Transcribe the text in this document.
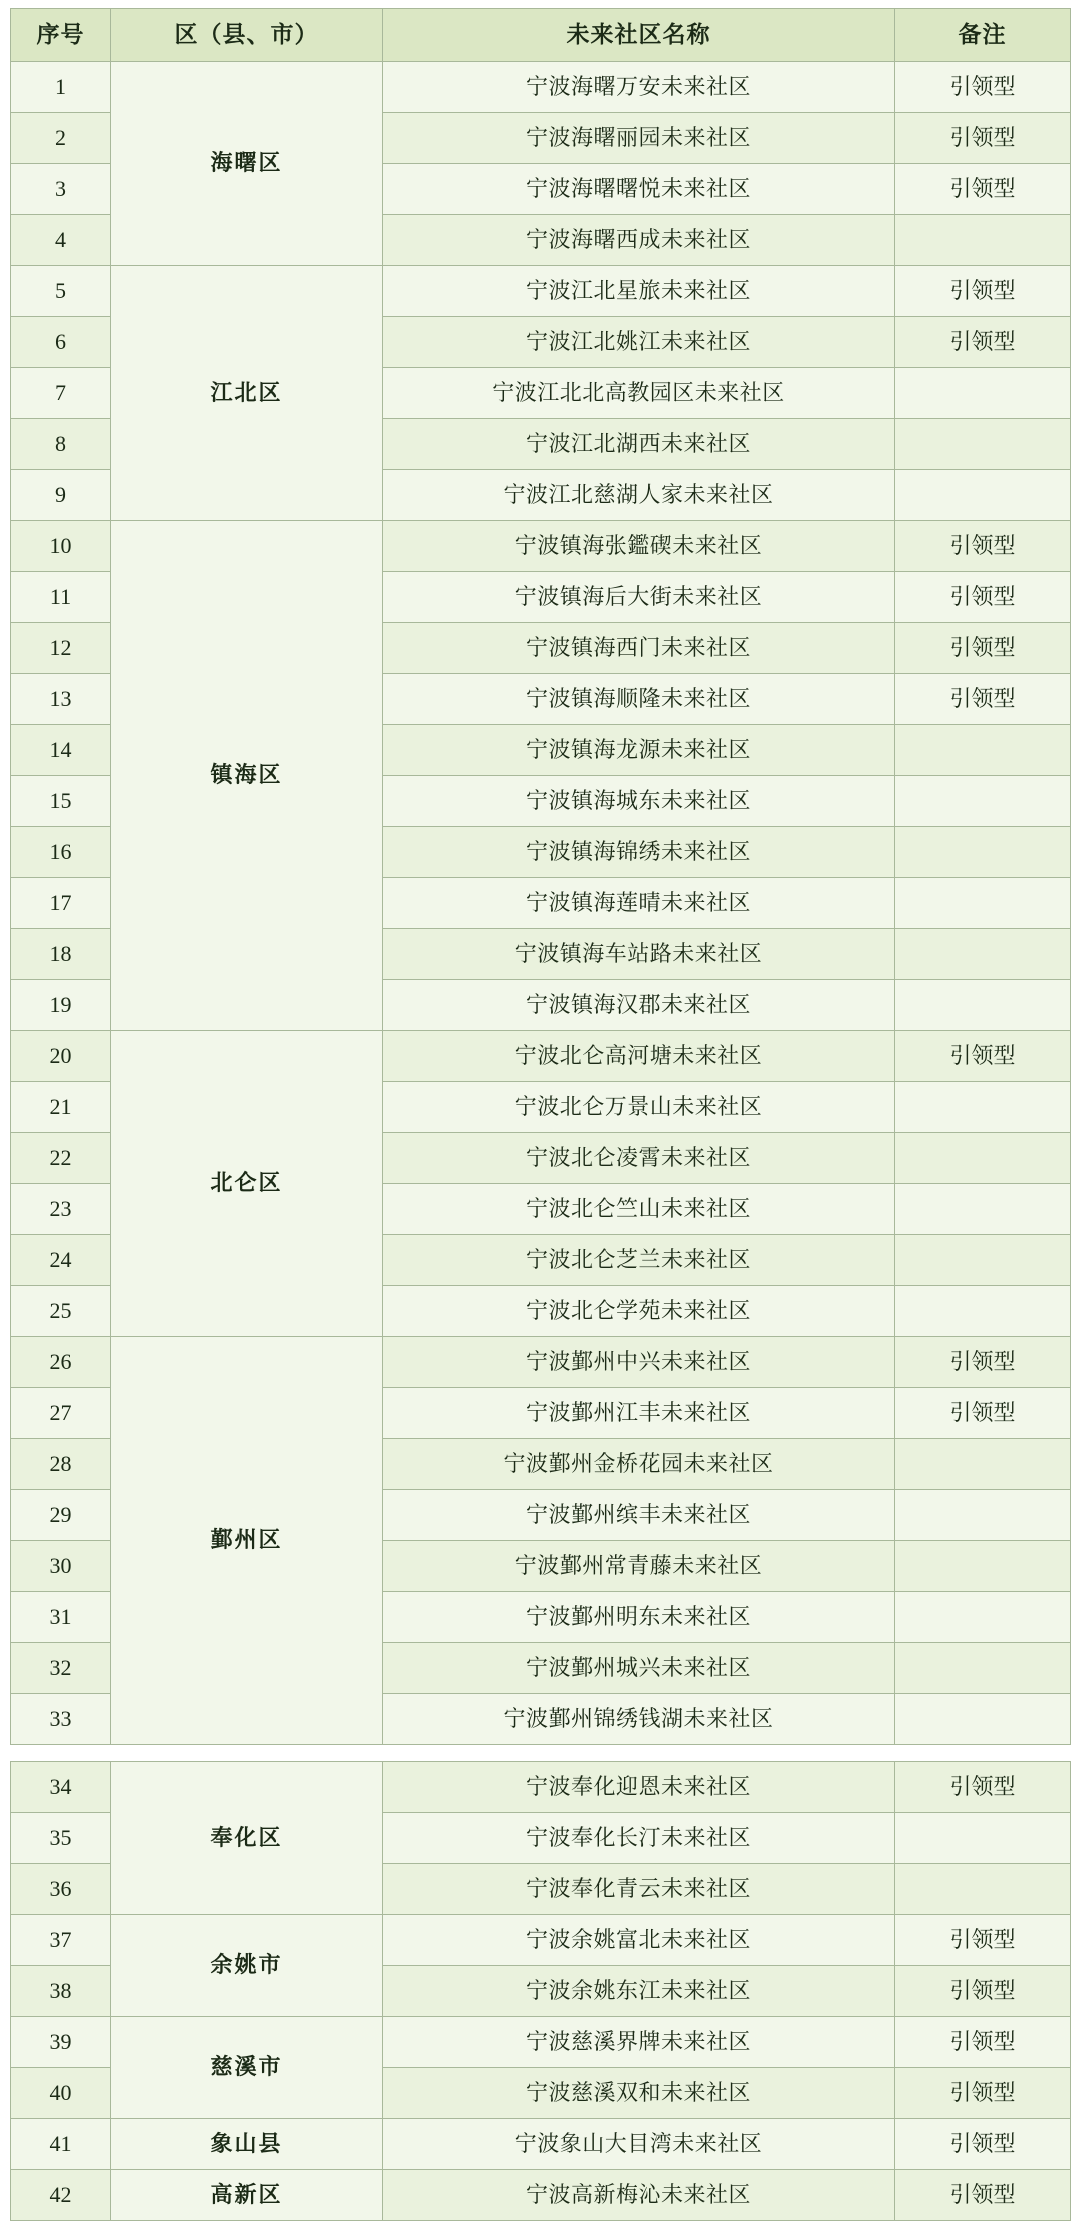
序号	区（县、市）	未来社区名称	备注
1	海曙区	宁波海曙万安未来社区	引领型
2		宁波海曙丽园未来社区	引领型
3		宁波海曙曙悦未来社区	引领型
4		宁波海曙西成未来社区	
5	江北区	宁波江北星旅未来社区	引领型
6		宁波江北姚江未来社区	引领型
7		宁波江北北高教园区未来社区	
8		宁波江北湖西未来社区	
9		宁波江北慈湖人家未来社区	
10	镇海区	宁波镇海张鑑碶未来社区	引领型
11		宁波镇海后大街未来社区	引领型
12		宁波镇海西门未来社区	引领型
13		宁波镇海顺隆未来社区	引领型
14		宁波镇海龙源未来社区	
15		宁波镇海城东未来社区	
16		宁波镇海锦绣未来社区	
17		宁波镇海莲晴未来社区	
18		宁波镇海车站路未来社区	
19		宁波镇海汉郡未来社区	
20	北仑区	宁波北仑高河塘未来社区	引领型
21		宁波北仑万景山未来社区	
22		宁波北仑凌霄未来社区	
23		宁波北仑竺山未来社区	
24		宁波北仑芝兰未来社区	
25		宁波北仑学苑未来社区	
26	鄞州区	宁波鄞州中兴未来社区	引领型
27		宁波鄞州江丰未来社区	引领型
28		宁波鄞州金桥花园未来社区	
29		宁波鄞州缤丰未来社区	
30		宁波鄞州常青藤未来社区	
31		宁波鄞州明东未来社区	
32		宁波鄞州城兴未来社区	
33		宁波鄞州锦绣钱湖未来社区	
34	奉化区	宁波奉化迎恩未来社区	引领型
35		宁波奉化长汀未来社区	
36		宁波奉化青云未来社区	
37	余姚市	宁波余姚富北未来社区	引领型
38		宁波余姚东江未来社区	引领型
39	慈溪市	宁波慈溪界牌未来社区	引领型
40		宁波慈溪双和未来社区	引领型
41	象山县	宁波象山大目湾未来社区	引领型
42	高新区	宁波高新梅沁未来社区	引领型
